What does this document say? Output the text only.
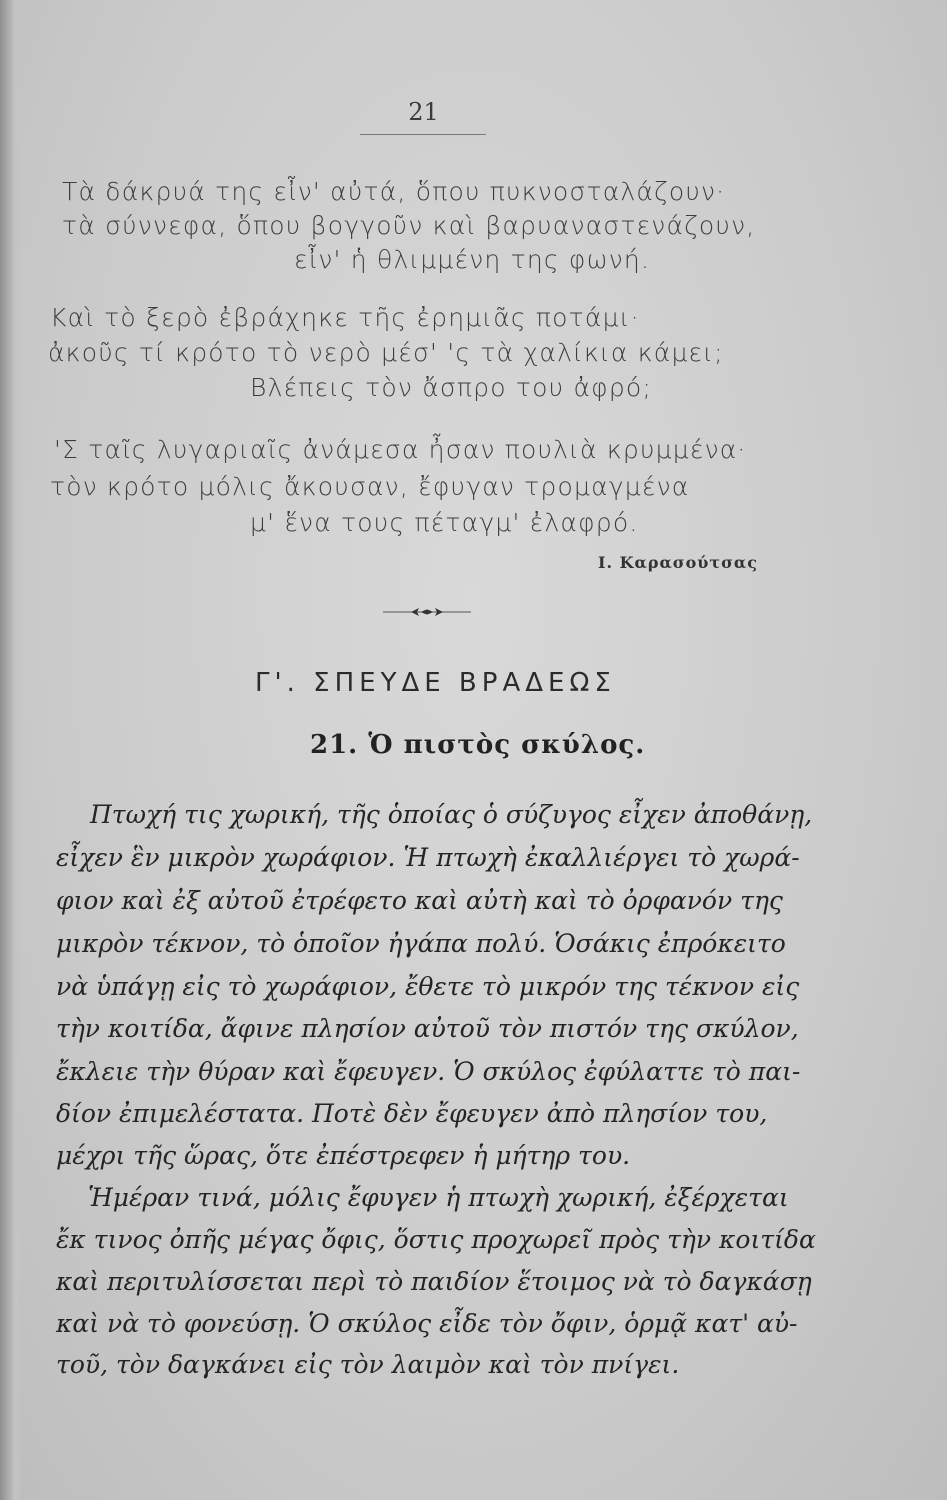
21
Τὰ δάκρυά της εἶν' αὐτά, ὅπου πυκνοσταλάζουν·
τὰ σύννεφα, ὅπου βογγοῦν καὶ βαρυαναστενάζουν,
εἶν' ἡ θλιμμένη της φωνή.
Καὶ τὸ ξερὸ ἐβράχηκε τῆς ἐρημιᾶς ποτάμι·
ἀκοῦς τί κρότο τὸ νερὸ μέσ' 'ς τὰ χαλίκια κάμει;
Βλέπεις τὸν ἄσπρο του ἀφρό;
'Σ ταῖς λυγαριαῖς ἀνάμεσα ἦσαν πουλιὰ κρυμμένα·
τὸν κρότο μόλις ἄκουσαν, ἔφυγαν τρομαγμένα
μ' ἕνα τους πέταγμ' ἐλαφρό.
Ι. Καρασούτσας
Γ'. ΣΠΕΥΔΕ ΒΡΑΔΕΩΣ
21. Ὁ πιστὸς σκύλος.
Πτωχή τις χωρική, τῆς ὁποίας ὁ σύζυγος εἶχεν ἀποθάνῃ,
εἶχεν ἓν μικρὸν χωράφιον. Ἡ πτωχὴ ἐκαλλιέργει τὸ χωρά-
φιον καὶ ἐξ αὐτοῦ ἐτρέφετο καὶ αὐτὴ καὶ τὸ ὀρφανόν της
μικρὸν τέκνον, τὸ ὁποῖον ἠγάπα πολύ. Ὁσάκις ἐπρόκειτο
νὰ ὑπάγῃ εἰς τὸ χωράφιον, ἔθετε τὸ μικρόν της τέκνον εἰς
τὴν κοιτίδα, ἄφινε πλησίον αὐτοῦ τὸν πιστόν της σκύλον,
ἔκλειε τὴν θύραν καὶ ἔφευγεν. Ὁ σκύλος ἐφύλαττε τὸ παι-
δίον ἐπιμελέστατα. Ποτὲ δὲν ἔφευγεν ἀπὸ πλησίον του,
μέχρι τῆς ὥρας, ὅτε ἐπέστρεφεν ἡ μήτηρ του.
Ἡμέραν τινά, μόλις ἔφυγεν ἡ πτωχὴ χωρική, ἐξέρχεται
ἔκ τινος ὀπῆς μέγας ὄφις, ὅστις προχωρεῖ πρὸς τὴν κοιτίδα
καὶ περιτυλίσσεται περὶ τὸ παιδίον ἕτοιμος νὰ τὸ δαγκάσῃ
καὶ νὰ τὸ φονεύσῃ. Ὁ σκύλος εἶδε τὸν ὄφιν, ὁρμᾷ κατ' αὐ-
τοῦ, τὸν δαγκάνει εἰς τὸν λαιμὸν καὶ τὸν πνίγει.
